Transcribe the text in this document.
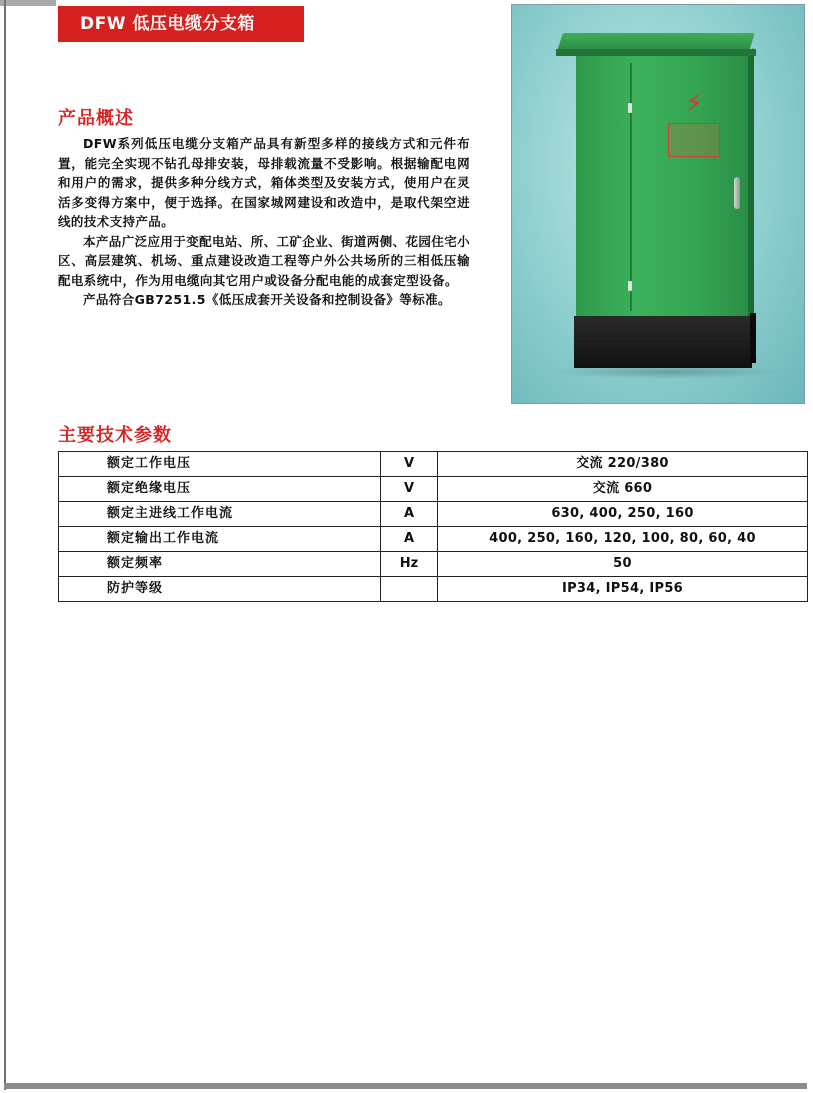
DFW 低压电缆分支箱
产品概述

DFW系列低压电缆分支箱产品具有新型多样的接线方式和元件布置，能完全实现不钻孔母排安装，母排载流量不受影响。根据输配电网和用户的需求，提供多种分线方式，箱体类型及安装方式，使用户在灵活多变得方案中，便于选择。在国家城网建设和改造中，是取代架空进线的技术支持产品。

本产品广泛应用于变配电站、所、工矿企业、街道两侧、花园住宅小区、高层建筑、机场、重点建设改造工程等户外公共场所的三相低压输配电系统中，作为用电缆向其它用户或设备分配电能的成套定型设备。

产品符合GB7251.5《低压成套开关设备和控制设备》等标准。

⚡
主要技术参数
额定工作电压	V	交流 220/380
额定绝缘电压	V	交流 660
额定主进线工作电流	A	630, 400, 250, 160
额定输出工作电流	A	400, 250, 160, 120, 100, 80, 60, 40
额定频率	Hz	50
防护等级		IP34, IP54, IP56
